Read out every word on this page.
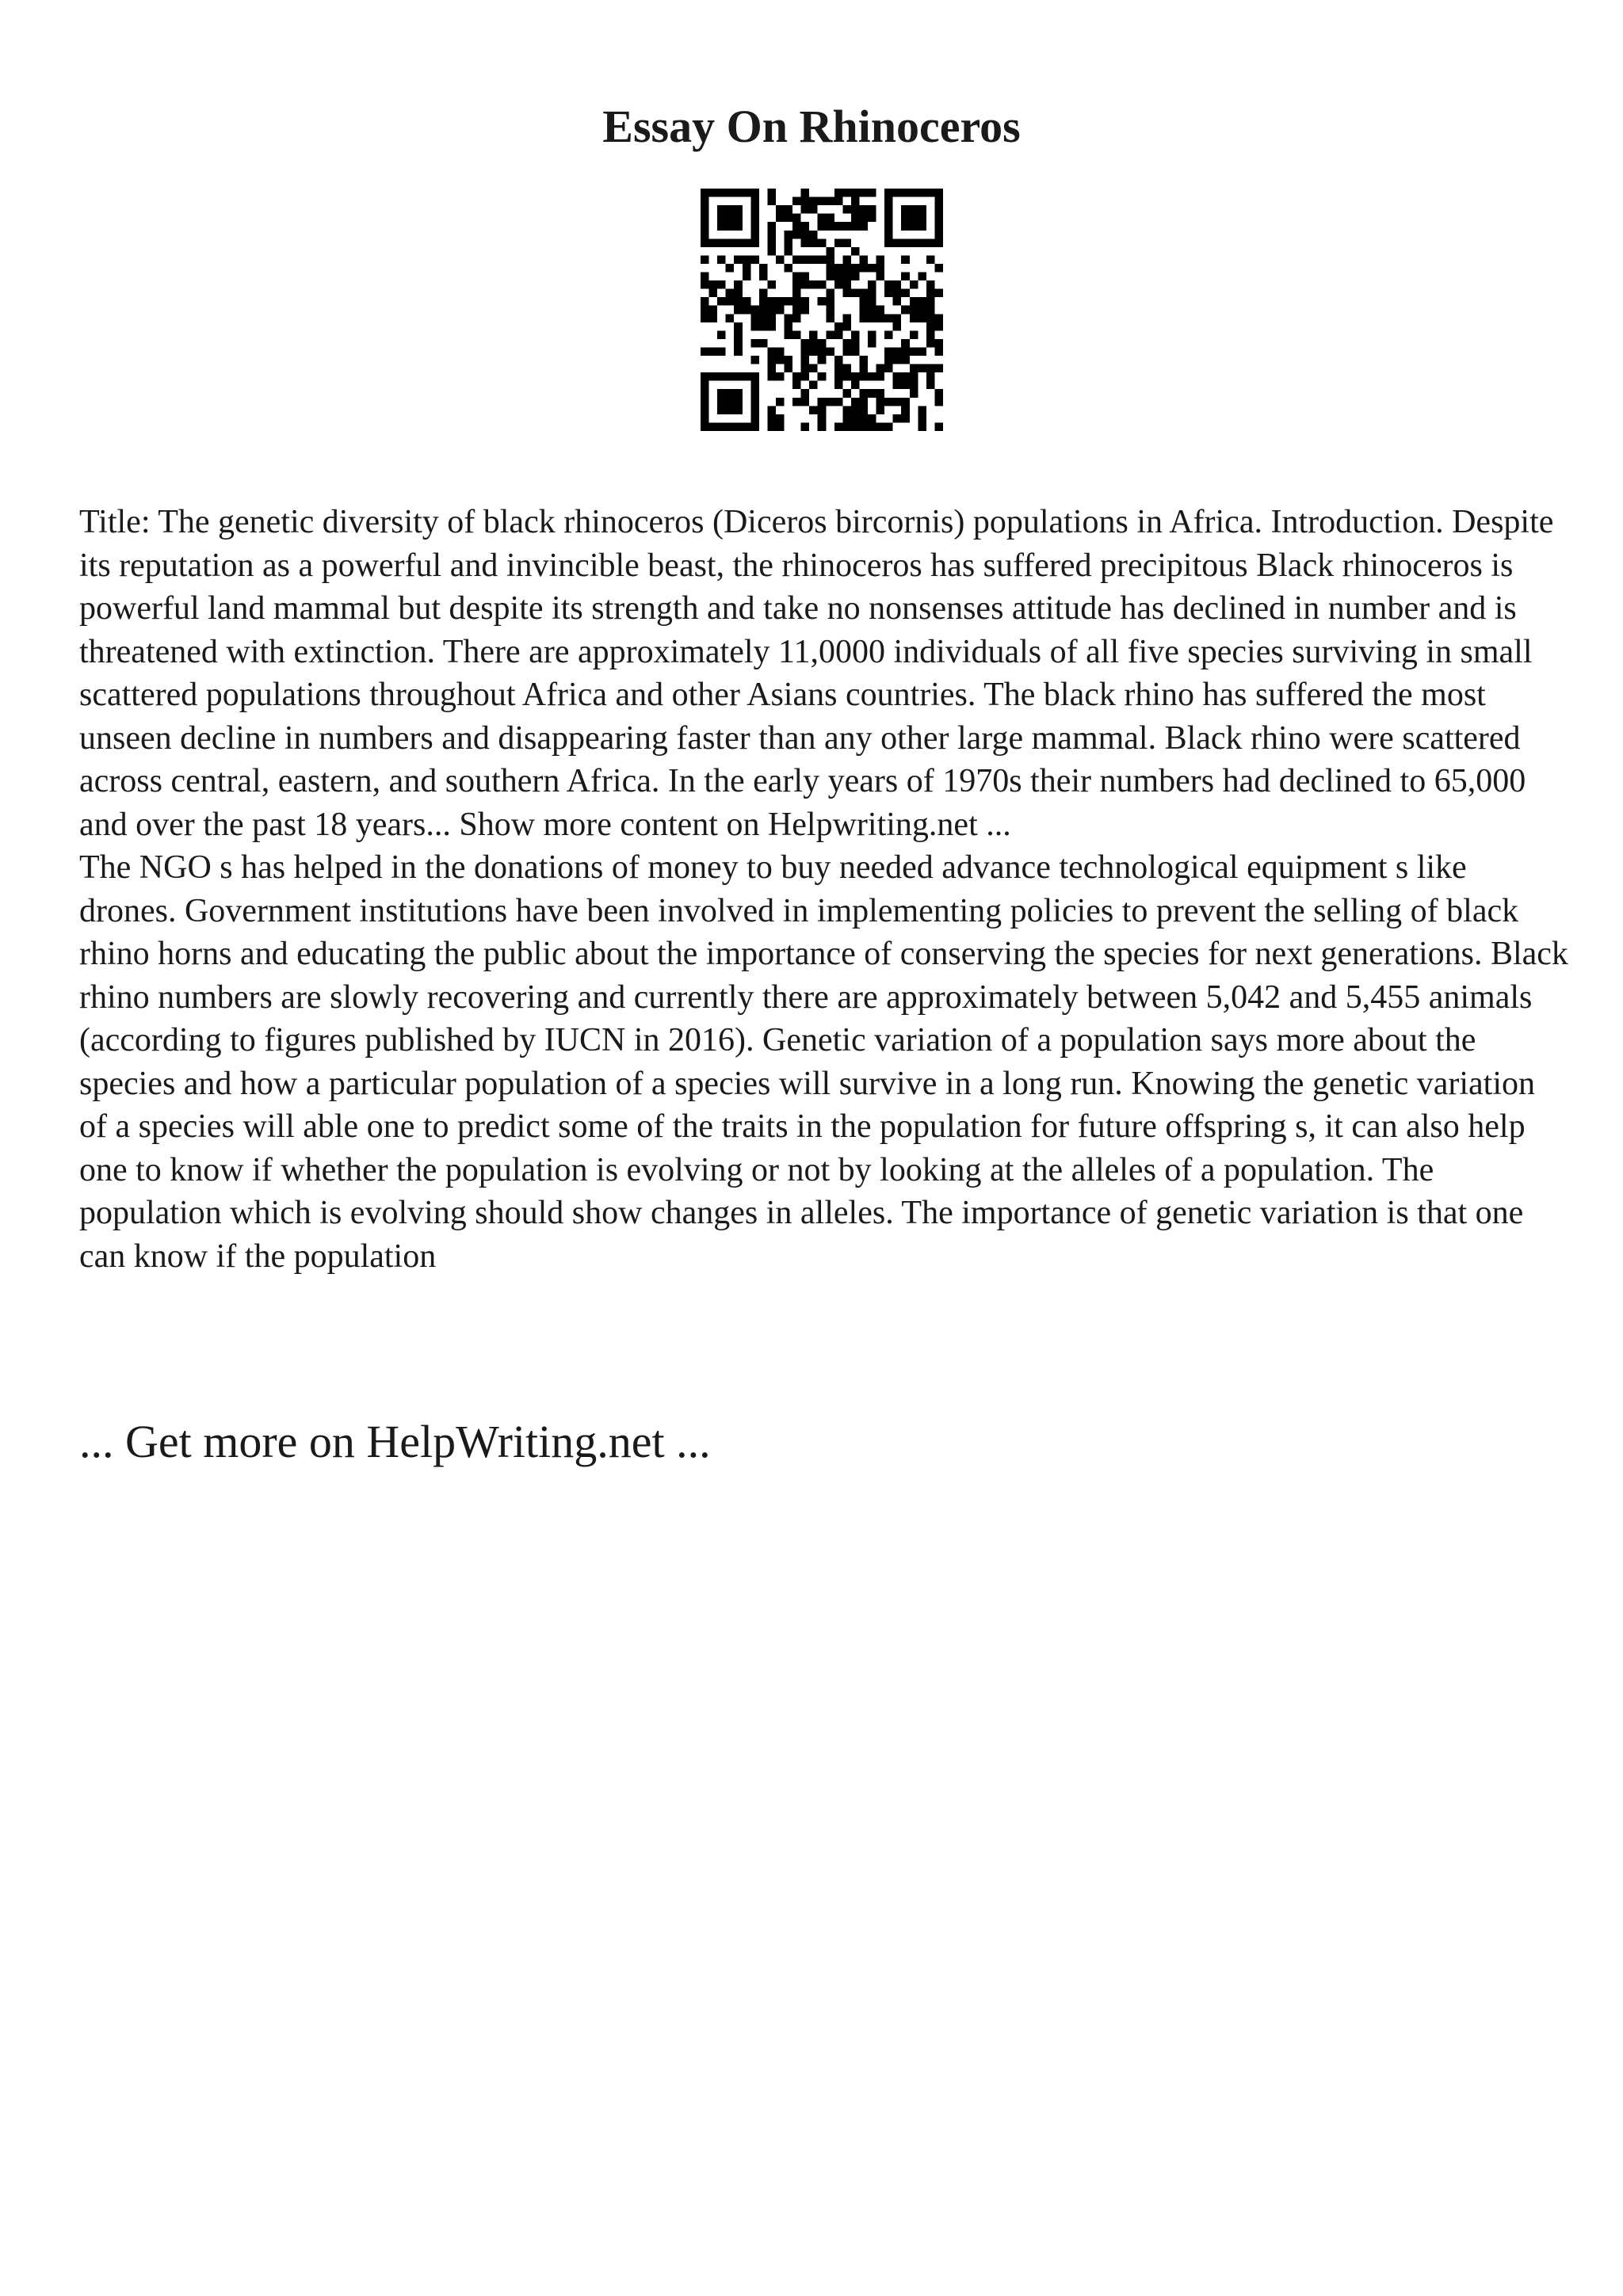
Essay On Rhinoceros

Title: The genetic diversity of black rhinoceros (Diceros bircornis) populations in Africa. Introduction. Despite its reputation as a powerful and invincible beast, the rhinoceros has suffered precipitous Black rhinoceros is powerful land mammal but despite its strength and take no nonsenses attitude has declined in number and is threatened with extinction. There are approximately 11,0000 individuals of all five species surviving in small scattered populations throughout Africa and other Asians countries. The black rhino has suffered the most unseen decline in numbers and disappearing faster than any other large mammal. Black rhino were scattered across central, eastern, and southern Africa. In the early years of 1970s their numbers had declined to 65,000 and over the past 18 years... Show more content on Helpwriting.net ...

The NGO s has helped in the donations of money to buy needed advance technological equipment s like drones. Government institutions have been involved in implementing policies to prevent the selling of black rhino horns and educating the public about the importance of conserving the species for next generations. Black rhino numbers are slowly recovering and currently there are approximately between 5,042 and 5,455 animals (according to figures published by IUCN in 2016). Genetic variation of a population says more about the species and how a particular population of a species will survive in a long run. Knowing the genetic variation of a species will able one to predict some of the traits in the population for future offspring s, it can also help one to know if whether the population is evolving or not by looking at the alleles of a population. The population which is evolving should show changes in alleles. The importance of genetic variation is that one can know if the population

... Get more on HelpWriting.net ...
